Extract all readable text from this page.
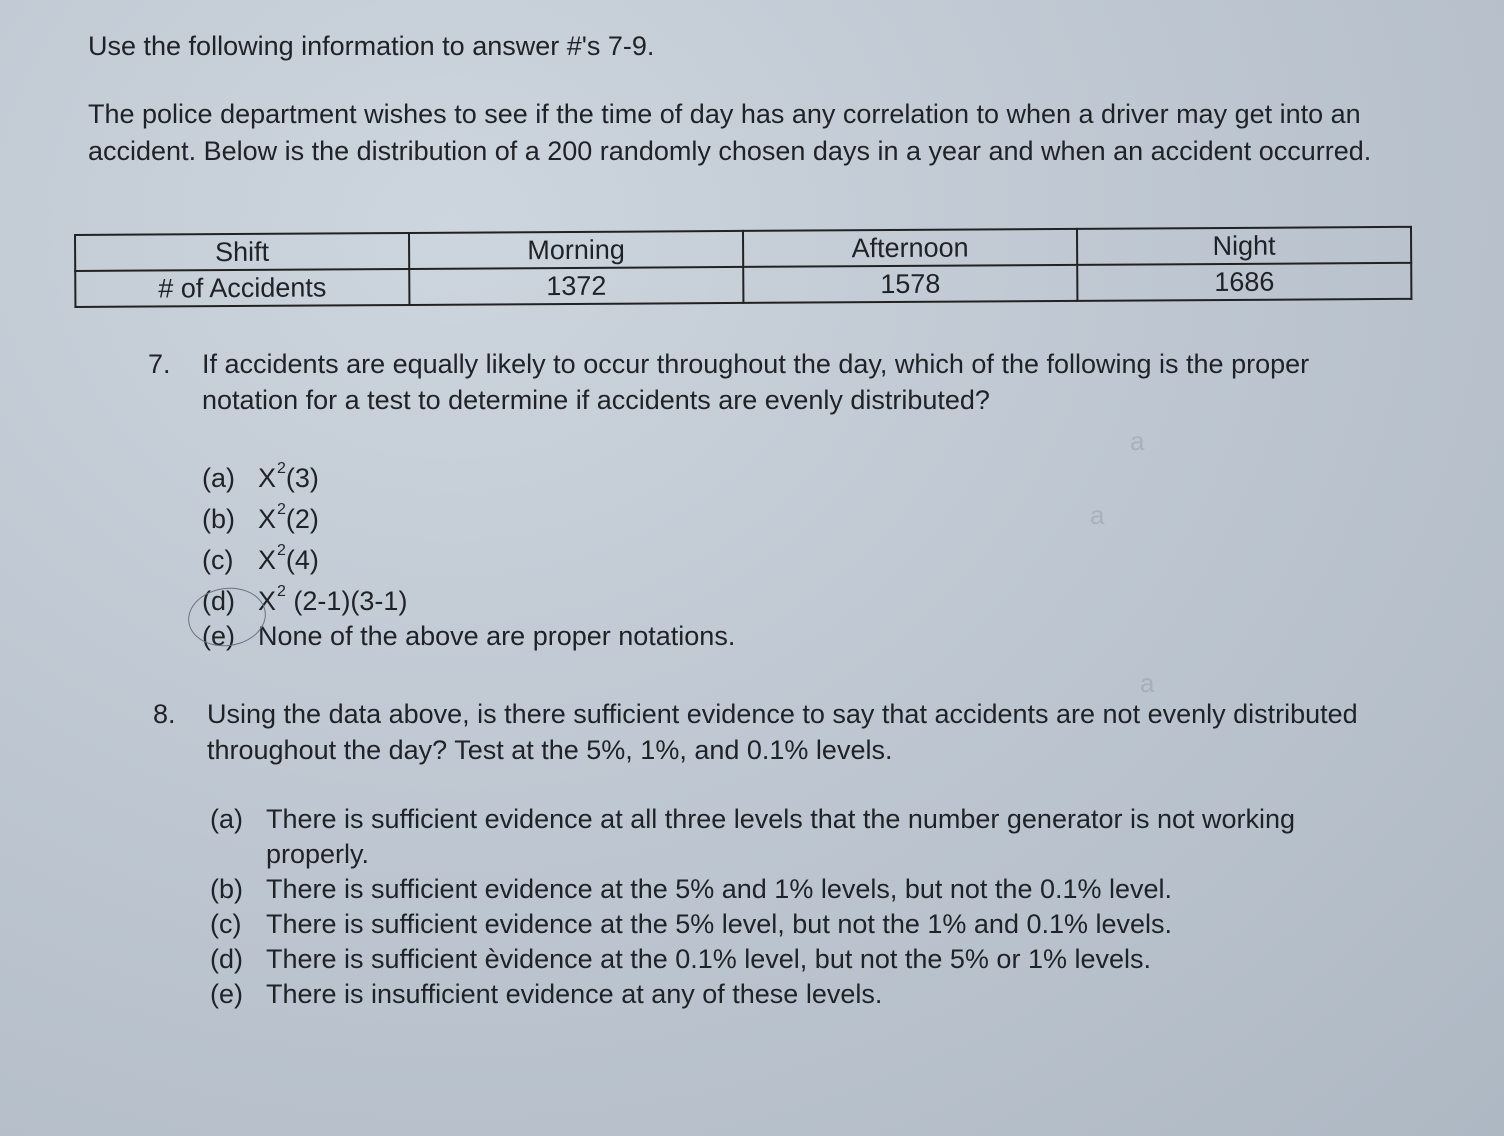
a
a
a
Use the following information to answer #'s 7-9.
The police department wishes to see if the time of day has any correlation to when a driver may get into an accident. Below is the distribution of a 200 randomly chosen days in a year and when an accident occurred.
Shift	Morning	Afternoon	Night
# of Accidents	1372	1578	1686
7. If accidents are equally likely to occur throughout the day, which of the following is the proper notation for a test to determine if accidents are evenly distributed?
(a) $X^2(3)$
(b) $X^2(2)$
(c) $X^2(4)$
(d) $X^2$ (2-1)(3-1)
(e) None of the above are proper notations.
8. Using the data above, is there sufficient evidence to say that accidents are not evenly distributed throughout the day? Test at the 5%, 1%, and 0.1% levels.
(a) There is sufficient evidence at all three levels that the number generator is not working properly.
(b) There is sufficient evidence at the 5% and 1% levels, but not the 0.1% level.
(c) There is sufficient evidence at the 5% level, but not the 1% and 0.1% levels.
(d) There is sufficient èvidence at the 0.1% level, but not the 5% or 1% levels.
(e) There is insufficient evidence at any of these levels.
